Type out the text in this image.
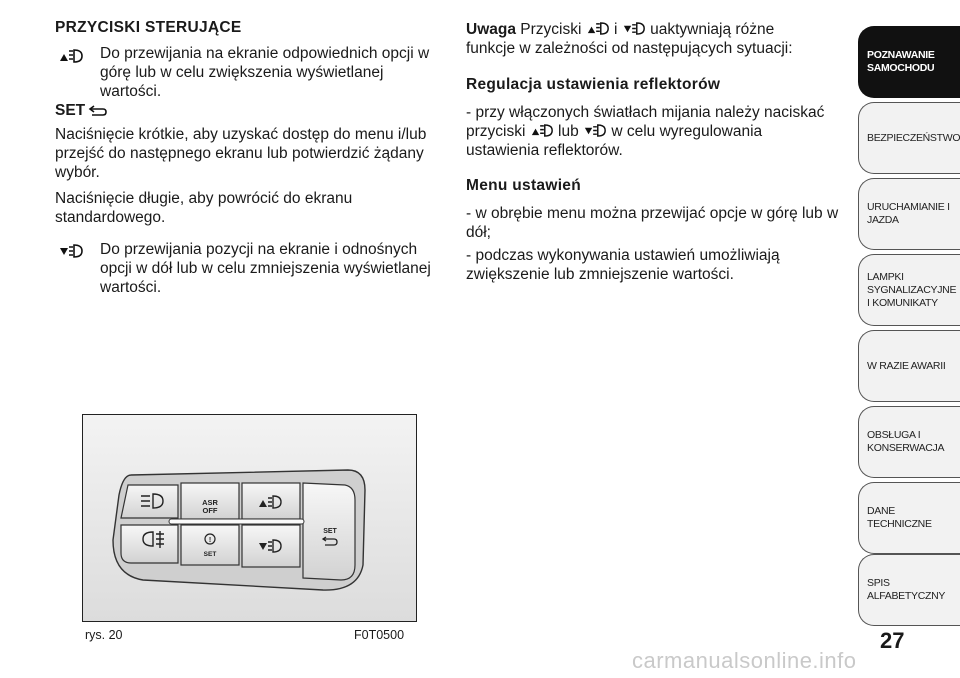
PRZYCISKI STERUJĄCE
Do przewijania na ekranie odpowiednich opcji w górę lub w celu zwiększenia wyświetlanej wartości.
SET
Naciśnięcie krótkie, aby uzyskać dostęp do menu i/lub przejść do następnego ekranu lub potwierdzić żądany wybór.
Naciśnięcie długie, aby powrócić do ekranu standardowego.
Do przewijania pozycji na ekranie i odnośnych opcji w dół lub w celu zmniejszenia wyświetlanej wartości.
Uwaga Przyciski i uaktywniają różne
funkcje w zależności od następujących sytuacji:
Regulacja ustawienia reflektorów
- przy włączonych światłach mijania należy naciskać
przyciski lub w celu wyregulowania
ustawienia reflektorów.
Menu ustawień
- w obrębie menu można przewijać opcje w górę lub w dół;
- podczas wykonywania ustawień umożliwiają zwiększenie lub zmniejszenie wartości.
!
ASR
OFF
SET
SET
rys. 20	F0T0500
POZNAWANIE SAMOCHODU
BEZPIECZEŃSTWO
URUCHAMIANIE I JAZDA
LAMPKI SYGNALIZACYJNE I KOMUNIKATY
W RAZIE AWARII
OBSŁUGA I KONSERWACJA
DANE TECHNICZNE
SPIS ALFABETYCZNY
27
carmanualsonline.info
